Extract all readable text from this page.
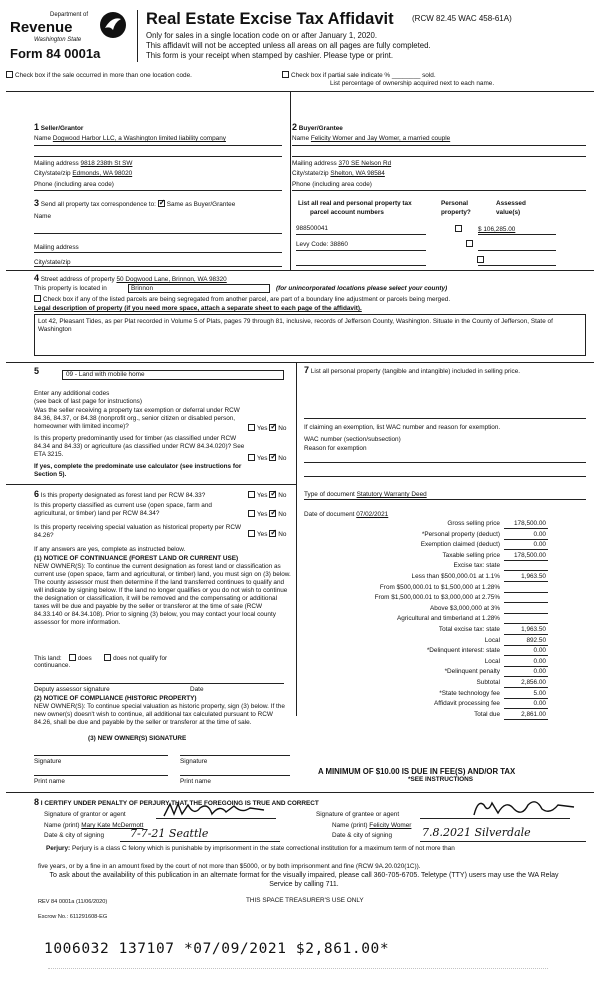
Department of
Revenue
Washington State
Form 84 0001a
Real Estate Excise Tax Affidavit (RCW 82.45 WAC 458-61A)
Only for sales in a single location code on or after January 1, 2020.
This affidavit will not be accepted unless all areas on all pages are fully completed.
This form is your receipt when stamped by cashier. Please type or print.
Check box if the sale occurred in more than one location code.	Check box if partial sale indicate % ________ sold.
List percentage of ownership acquired next to each name.
1 Seller/Grantor
Name Dogwood Harbor LLC, a Washington limited liability company
Mailing address 9818 238th St SW
City/state/zip Edmonds, WA 98020
Phone (including area code)
2 Buyer/Grantee
Name Felicity Womer and Jay Womer, a married couple
Mailing address 370 SE Nelson Rd
City/state/zip Shelton, WA 98584
Phone (including area code)
3 Send all property tax correspondence to: ✓ Same as Buyer/Grantee
Name
Mailing address
City/state/zip
List all real and personal property tax
parcel account numbers
Personal
property?
Assessed
value(s)
988500041
	$ 106,285.00
Levy Code: 38860

4 Street address of property 50 Dogwood Lane, Brinnon, WA 98320
This property is located in	Brinnon	(for unincorporated locations please select your county)
Check box if any of the listed parcels are being segregated from another parcel, are part of a boundary line adjustment or parcels being merged.
Legal description of property (if you need more space, attach a separate sheet to each page of the affidavit).
Lot 42, Pleasant Tides, as per Plat recorded in Volume 5 of Plats, pages 79 through 81, inclusive, records of Jefferson County, Washington. Situate in the County of Jefferson, State of Washington
5	09 - Land with mobile home
Enter any additional codes
(see back of last page for instructions)
Was the seller receiving a property tax exemption or deferral under RCW 84.36, 84.37, or 84.38 (nonprofit org., senior citizen or disabled person, homeowner with limited income)?	Yes ✓ No
Is this property predominantly used for timber (as classified under RCW 84.34 and 84.33) or agriculture (as classified under RCW 84.34.020)? See ETA 3215.
Yes ✓ No
If yes, complete the predominate use calculator (see instructions for Section 5).
6 Is this property designated as forest land per RCW 84.33?	Yes ✓ No
Is this property classified as current use (open space, farm and agricultural, or timber) land per RCW 84.34?	Yes ✓ No
Is this property receiving special valuation as historical property per RCW 84.26?	Yes ✓ No
If any answers are yes, complete as instructed below.
(1) NOTICE OF CONTINUANCE (FOREST LAND OR CURRENT USE)
NEW OWNER(S): To continue the current designation as forest land or classification as current use (open space, farm and agricultural, or timber) land, you must sign on (3) below. The county assessor must then determine if the land transferred continues to qualify and will indicate by signing below. If the land no longer qualifies or you do not wish to continue the designation or classification, it will be removed and the compensating or additional taxes will be due and payable by the seller or transferor at the time of sale (RCW 84.33.140 or 84.34.108). Prior to signing (3) below, you may contact your local county assessor for more information.
This land:	does	does not qualify for
continuance.
Deputy assessor signature	Date
(2) NOTICE OF COMPLIANCE (HISTORIC PROPERTY)
NEW OWNER(S): To continue special valuation as historic property, sign (3) below. If the new owner(s) doesn't wish to continue, all additional tax calculated pursuant to RCW 84.26, shall be due and payable by the seller or transferor at the time of sale.
(3) NEW OWNER(S) SIGNATURE
Signature	Signature
Print name	Print name
7 List all personal property (tangible and intangible) included in selling price.
If claiming an exemption, list WAC number and reason for exemption.
WAC number (section/subsection)
Reason for exemption
Type of document Statutory Warranty Deed
Date of document 07/02/2021
Gross selling price 178,500.00
*Personal property (deduct)	0.00
Exemption claimed (deduct)	0.00
Taxable selling price 178,500.00
Excise tax: state
Less than $500,000.01 at 1.1%	1,963.50
From $500,000.01 to $1,500,000 at 1.28%
From $1,500,000.01 to $3,000,000 at 2.75%
Above $3,000,000 at 3%
Agricultural and timberland at 1.28%
Total excise tax: state	1,963.50
Local	892.50
*Delinquent interest: state	0.00
Local	0.00
*Delinquent penalty	0.00
Subtotal	2,856.00
*State technology fee	5.00
Affidavit processing fee	0.00
Total due	2,861.00
A MINIMUM OF $10.00 IS DUE IN FEE(S) AND/OR TAX
*SEE INSTRUCTIONS
8 I CERTIFY UNDER PENALTY OF PERJURY THAT THE FOREGOING IS TRUE AND CORRECT
Signature of grantor or agent
Name (print) Mary Kate McDermott
Date & city of signing 7-7-21 Seattle
Signature of grantee or agent
Name (print) Felicity Womer
Date & city of signing	7.8.2021 Silverdale
Perjury: Perjury is a class C felony which is punishable by imprisonment in the state correctional institution for a maximum term of not more than
five years, or by a fine in an amount fixed by the court of not more than $5000, or by both imprisonment and fine (RCW 9A.20.020(1C)).
To ask about the availability of this publication in an alternate format for the visually impaired, please call 360-705-6705. Teletype (TTY) users may use the WA Relay Service by calling 711.
REV 84 0001a (11/06/2020)	THIS SPACE TREASURER'S USE ONLY
Escrow No.: 611291608-EG
1006032 137107 *07/09/2021 $2,861.00*
